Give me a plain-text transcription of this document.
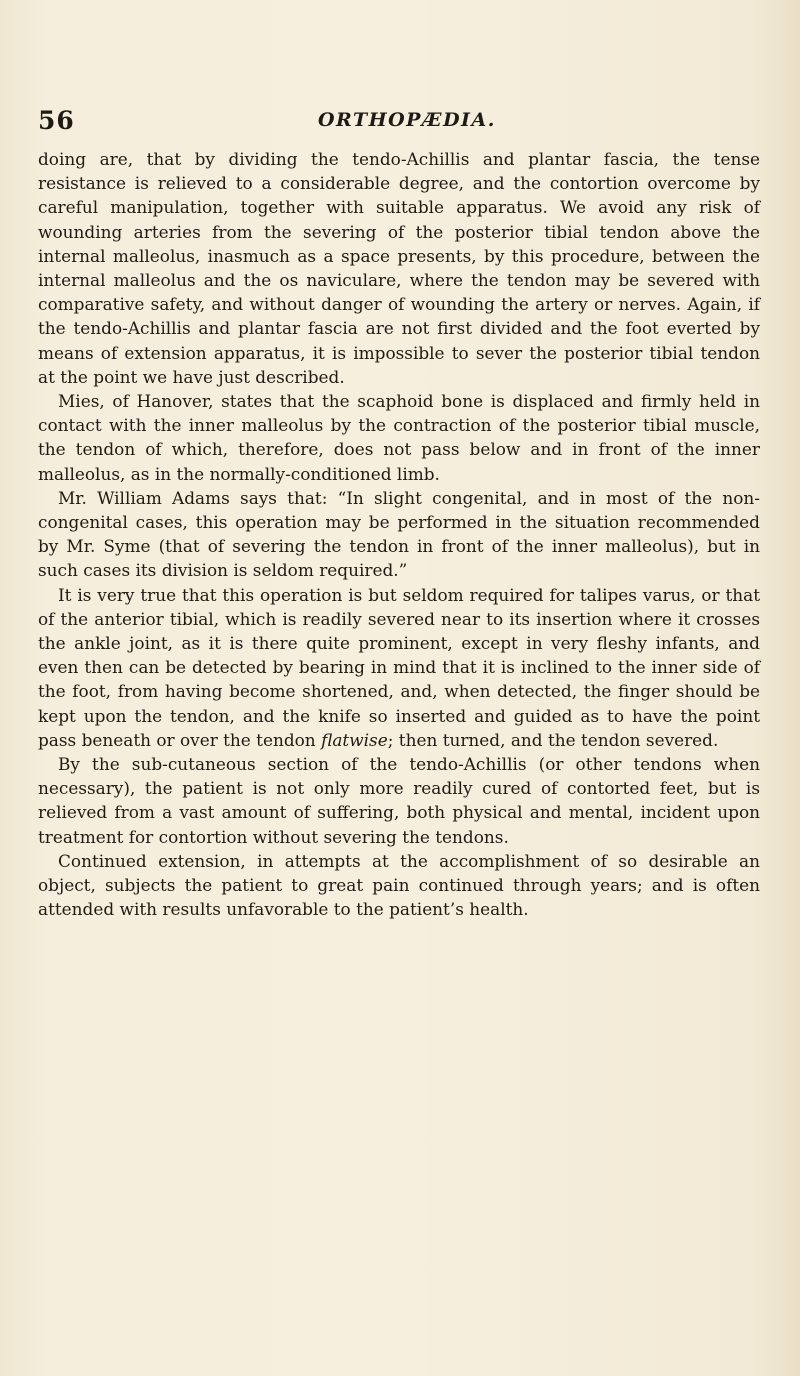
56	ORTHOPÆDIA.

doing are, that by dividing the tendo-Achillis and plantar fascia, the tense resistance is relieved to a considerable degree, and the contortion overcome by careful manipulation, together with suitable apparatus. We avoid any risk of wounding arteries from the severing of the posterior tibial tendon above the internal malleolus, inasmuch as a space presents, by this procedure, between the internal malleolus and the os naviculare, where the tendon may be severed with comparative safety, and without danger of wounding the artery or nerves. Again, if the tendo-Achillis and plantar fascia are not first divided and the foot everted by means of extension apparatus, it is impossible to sever the posterior tibial tendon at the point we have just described.

Mies, of Hanover, states that the scaphoid bone is displaced and firmly held in contact with the inner malleolus by the contraction of the posterior tibial muscle, the tendon of which, therefore, does not pass below and in front of the inner malleolus, as in the normally-conditioned limb.

Mr. William Adams says that: “In slight congenital, and in most of the non-congenital cases, this operation may be performed in the situation recommended by Mr. Syme (that of severing the tendon in front of the inner malleolus), but in such cases its division is seldom required.”

It is very true that this operation is but seldom required for talipes varus, or that of the anterior tibial, which is readily severed near to its insertion where it crosses the ankle joint, as it is there quite prominent, except in very fleshy infants, and even then can be detected by bearing in mind that it is inclined to the inner side of the foot, from having become shortened, and, when detected, the finger should be kept upon the tendon, and the knife so inserted and guided as to have the point pass beneath or over the tendon flatwise; then turned, and the tendon severed.

By the sub-cutaneous section of the tendo-Achillis (or other tendons when necessary), the patient is not only more readily cured of contorted feet, but is relieved from a vast amount of suffering, both physical and mental, incident upon treatment for contortion without severing the tendons.

Continued extension, in attempts at the accomplishment of so desirable an object, subjects the patient to great pain continued through years; and is often attended with results unfavorable to the patient’s health.
